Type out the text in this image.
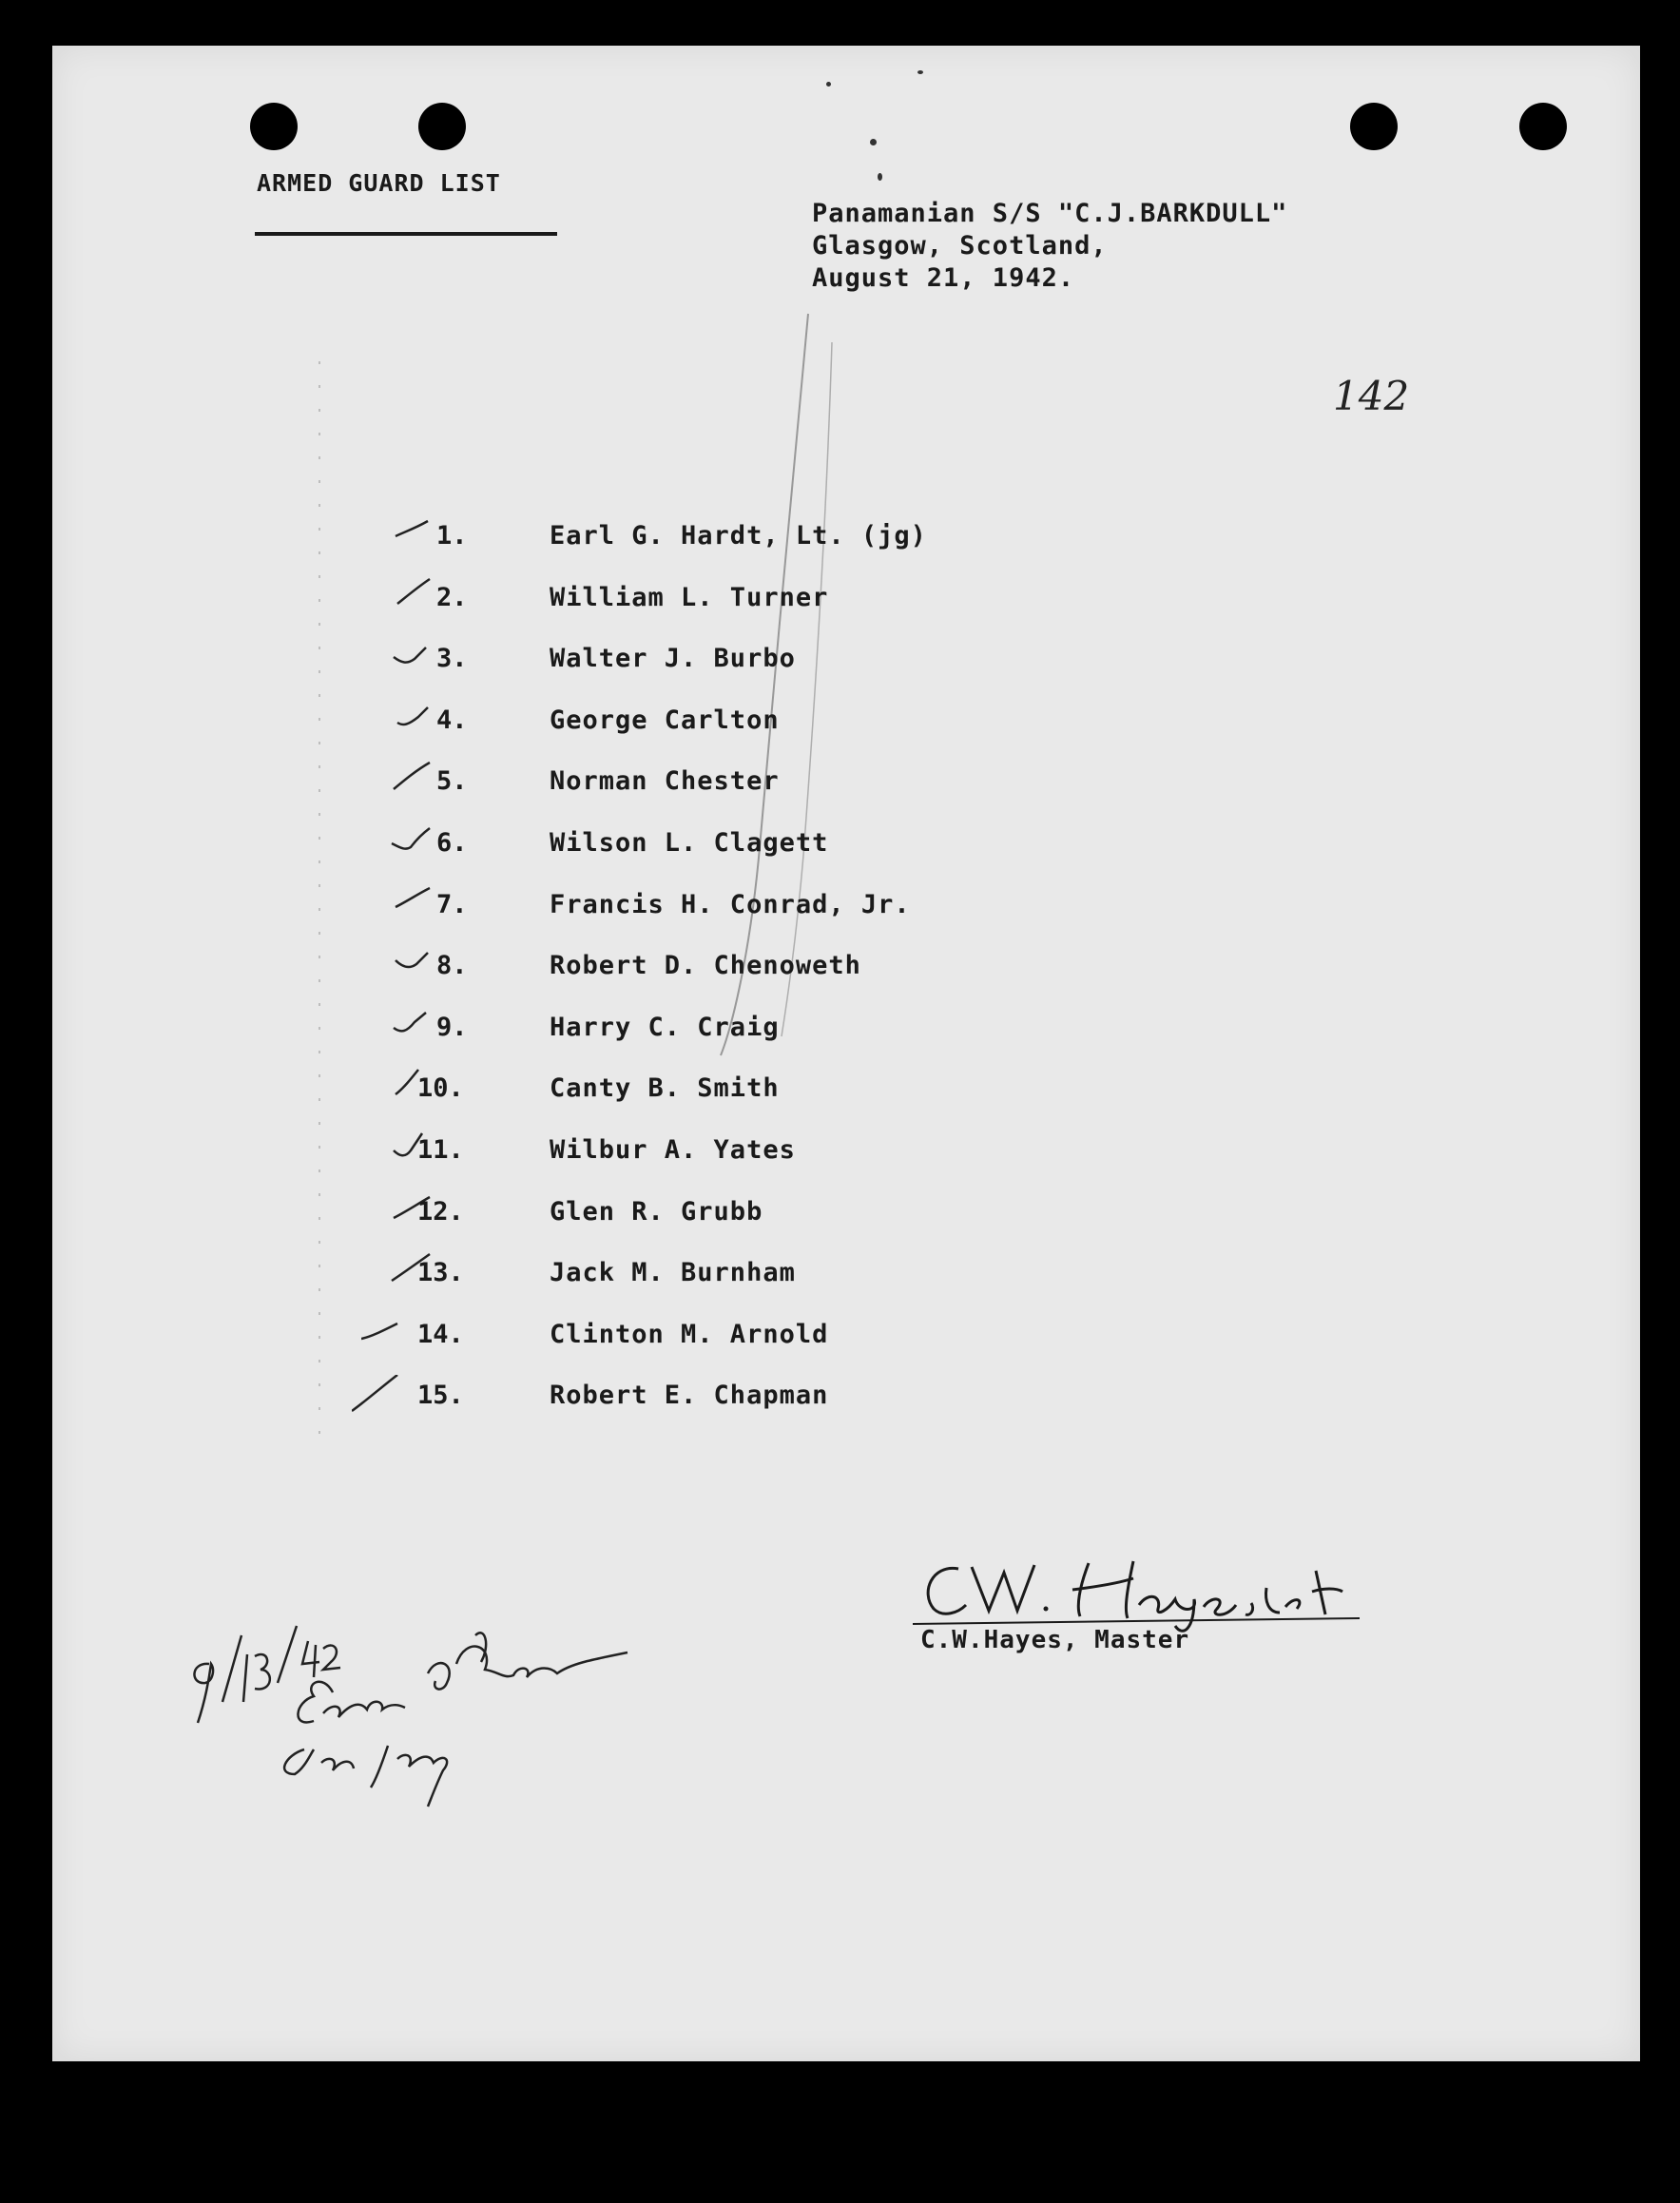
ARMED GUARD LIST
Panamanian S/S "C.J.BARKDULL"
Glasgow, Scotland,
August 21, 1942.
142
1.	Earl G. Hardt, Lt. (jg)
2.	William L. Turner
3.	Walter J. Burbo
4.	George Carlton
5.	Norman Chester
6.	Wilson L. Clagett
7.	Francis H. Conrad, Jr.
8.	Robert D. Chenoweth
9.	Harry C. Craig
10.	Canty B. Smith
11.	Wilbur A. Yates
12.	Glen R. Grubb
13.	Jack M. Burnham
14.	Clinton M. Arnold
15.	Robert E. Chapman
C.W.Hayes, Master
